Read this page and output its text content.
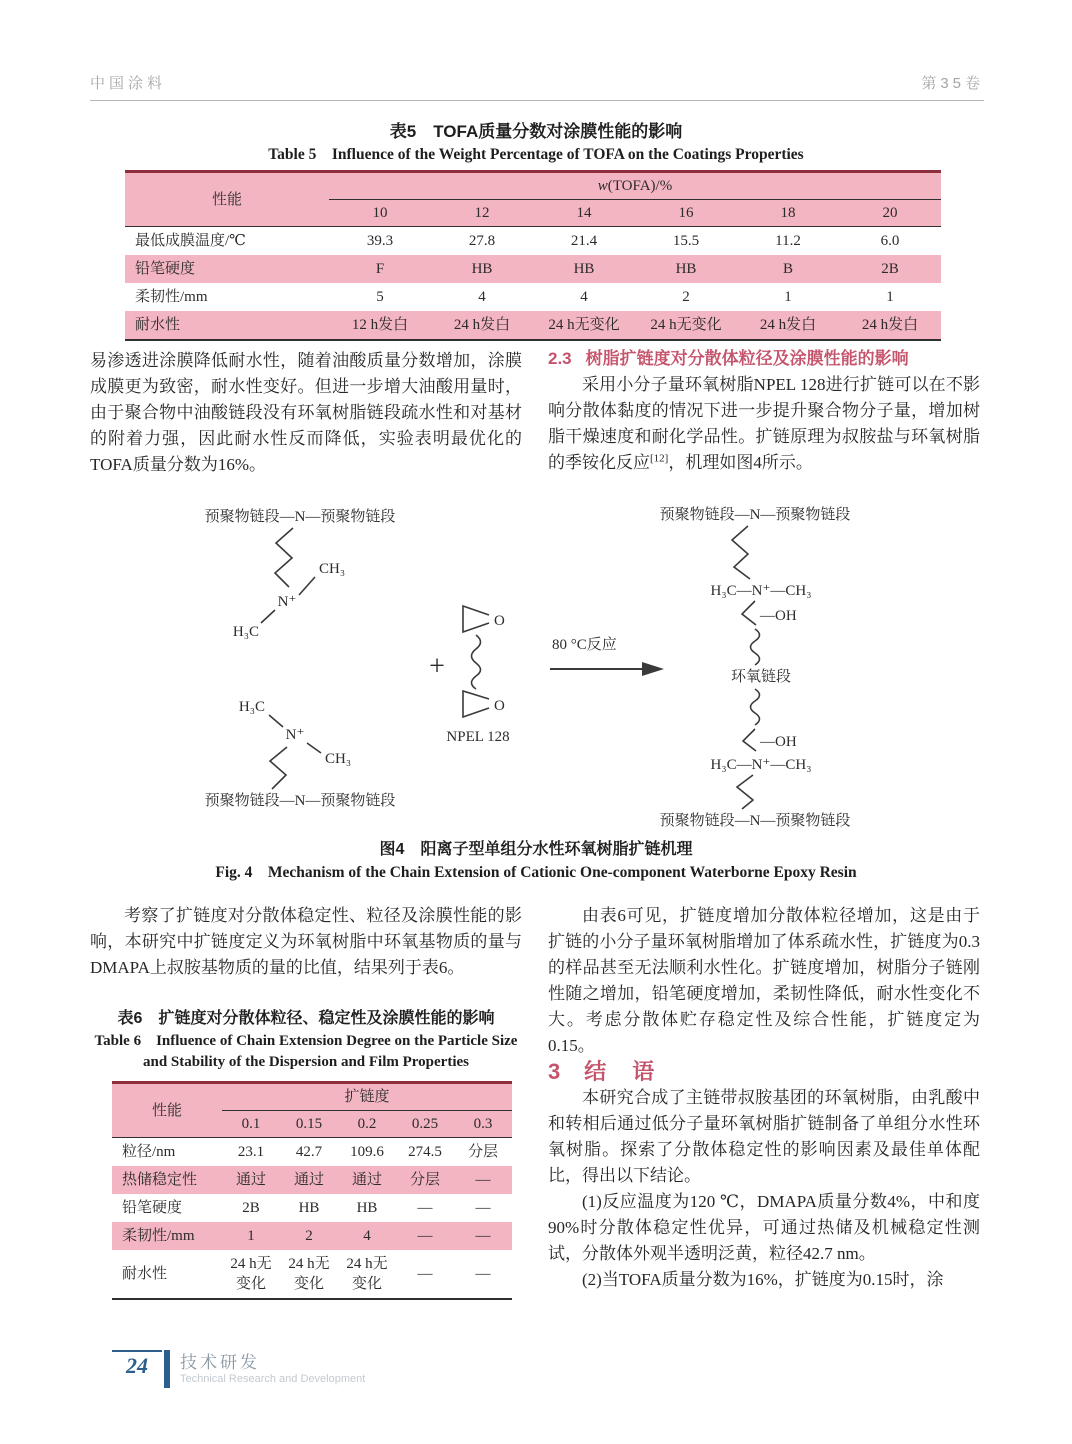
中国涂料	第35卷
表5　TOFA质量分数对涂膜性能的影响
Table 5　Influence of the Weight Percentage of TOFA on the Coatings Properties
性能	w(TOFA)/%					
	10	12	14	16	18	20
最低成膜温度/℃	39.3	27.8	21.4	15.5	11.2	6.0
铅笔硬度	F	HB	HB	HB	B	2B
柔韧性/mm	5	4	4	2	1	1
耐水性	12 h发白	24 h发白	24 h无变化	24 h无变化	24 h发白	24 h发白

易渗透进涂膜降低耐水性，随着油酸质量分数增加，涂膜成膜更为致密，耐水性变好。但进一步增大油酸用量时，由于聚合物中油酸链段没有环氧树脂链段疏水性和对基材的附着力强，因此耐水性反而降低，实验表明最优化的TOFA质量分数为16%。

2.3 树脂扩链度对分散体粒径及涂膜性能的影响

采用小分子量环氧树脂NPEL 128进行扩链可以在不影响分散体黏度的情况下进一步提升聚合物分子量，增加树脂干燥速度和耐化学品性。扩链原理为叔胺盐与环氧树脂的季铵化反应[12]，机理如图4所示。

预聚物链段—N—预聚物链段
N⁺
CH₃
H₃C
H₃C
N⁺
CH₃
预聚物链段—N—预聚物链段
+
O
O
NPEL 128
80 °C反应
预聚物链段—N—预聚物链段
H₃C—N⁺—CH₃
—OH
环氧链段
—OH
H₃C—N⁺—CH₃
预聚物链段—N—预聚物链段
图4　阳离子型单组分水性环氧树脂扩链机理
Fig. 4　Mechanism of the Chain Extension of Cationic One-component Waterborne Epoxy Resin

考察了扩链度对分散体稳定性、粒径及涂膜性能的影响，本研究中扩链度定义为环氧树脂中环氧基物质的量与DMAPA上叔胺基物质的量的比值，结果列于表6。

表6　扩链度对分散体粒径、稳定性及涂膜性能的影响
Table 6　Influence of Chain Extension Degree on the Particle Size and Stability of the Dispersion and Film Properties
性能	扩链度				
	0.1	0.15	0.2	0.25	0.3
粒径/nm	23.1	42.7	109.6	274.5	分层
热储稳定性	通过	通过	通过	分层	—
铅笔硬度	2B	HB	HB	—	—
柔韧性/mm	1	2	4	—	—
耐水性	24 h无 变化	24 h无 变化	24 h无 变化	—	—

由表6可见，扩链度增加分散体粒径增加，这是由于扩链的小分子量环氧树脂增加了体系疏水性，扩链度为0.3的样品甚至无法顺利水性化。扩链度增加，树脂分子链刚性随之增加，铅笔硬度增加，柔韧性降低，耐水性变化不大。考虑分散体贮存稳定性及综合性能，扩链度定为0.15。

3 结　语

本研究合成了主链带叔胺基团的环氧树脂，由乳酸中和转相后通过低分子量环氧树脂扩链制备了单组分水性环氧树脂。探索了分散体稳定性的影响因素及最佳单体配比，得出以下结论。

(1)反应温度为120 ℃，DMAPA质量分数4%，中和度90%时分散体稳定性优异，可通过热储及机械稳定性测试，分散体外观半透明泛黄，粒径42.7 nm。

(2)当TOFA质量分数为16%，扩链度为0.15时，涂

24	技术研发
Technical Research and Development
